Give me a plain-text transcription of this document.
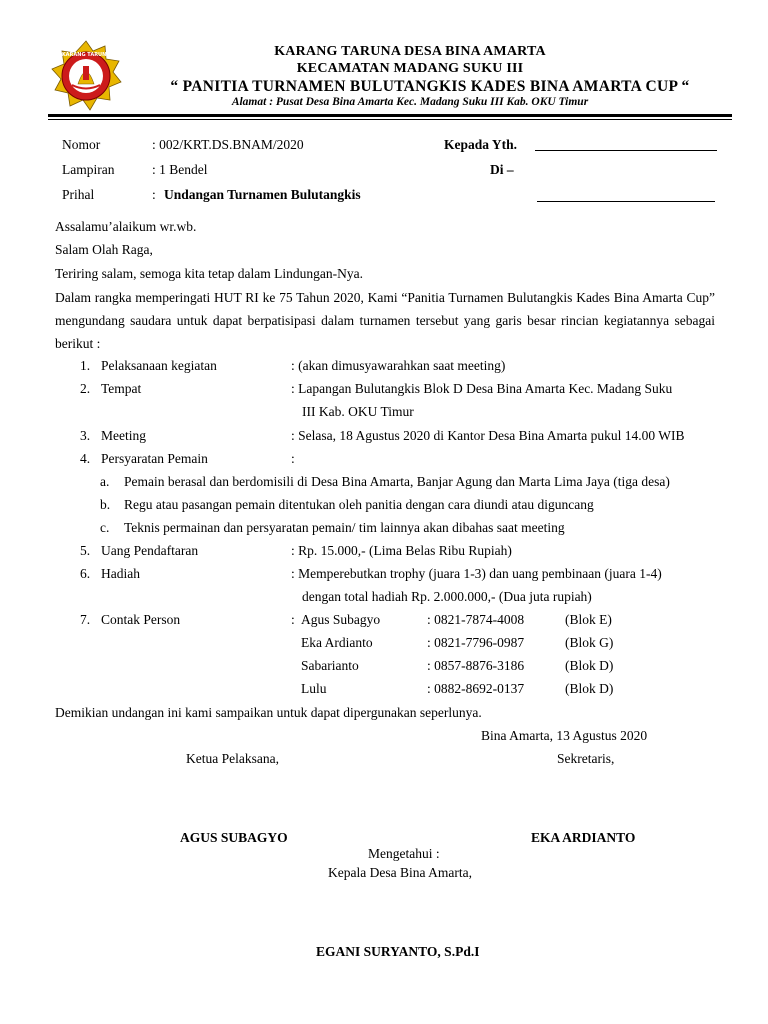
KARANG TARUNA	KARANG TARUNA DESA BINA AMARTA
KECAMATAN MADANG SUKU III
“ PANITIA TURNAMEN BULUTANGKIS KADES BINA AMARTA CUP “
Alamat : Pusat Desa Bina Amarta Kec. Madang Suku III Kab. OKU Timur
Nomor	: 002/KRT.DS.BNAM/2020
Lampiran	: 1 Bendel
Prihal	: Undangan Turnamen Bulutangkis
Kepada Yth.
Di –
Assalamu’alaikum wr.wb.
Salam Olah Raga,
Teriring salam, semoga kita tetap dalam Lindungan-Nya.
Dalam rangka memperingati HUT RI ke 75 Tahun 2020, Kami “Panitia Turnamen Bulutangkis Kades Bina Amarta Cup” mengundang saudara untuk dapat berpatisipasi dalam turnamen tersebut yang garis besar rincian kegiatannya sebagai berikut :
1. Pelaksanaan kegiatan	: (akan dimusyawarahkan saat meeting)
2. Tempat	: Lapangan Bulutangkis Blok D Desa Bina Amarta Kec. Madang Suku
III Kab. OKU Timur
3. Meeting	: Selasa, 18 Agustus 2020 di Kantor Desa Bina Amarta pukul 14.00 WIB
4. Persyaratan Pemain	:
a. Pemain berasal dan berdomisili di Desa Bina Amarta, Banjar Agung dan Marta Lima Jaya (tiga desa)
b. Regu atau pasangan pemain ditentukan oleh panitia dengan cara diundi atau diguncang
c. Teknis permainan dan persyaratan pemain/ tim lainnya akan dibahas saat meeting
5. Uang Pendaftaran	: Rp. 15.000,- (Lima Belas Ribu Rupiah)
6. Hadiah	: Memperebutkan trophy (juara 1-3) dan uang pembinaan (juara 1-4)
dengan total hadiah Rp. 2.000.000,- (Dua juta rupiah)
7. Contak Person	: Agus Subagyo	: 0821-7874-4008	(Blok E)
Eka Ardianto	: 0821-7796-0987	(Blok G)
Sabarianto	: 0857-8876-3186	(Blok D)
Lulu	: 0882-8692-0137	(Blok D)
Demikian undangan ini kami sampaikan untuk dapat dipergunakan seperlunya.
Bina Amarta, 13 Agustus 2020
Ketua Pelaksana,	Sekretaris,
AGUS SUBAGYO	EKA ARDIANTO
Mengetahui :
Kepala Desa Bina Amarta,
EGANI SURYANTO, S.Pd.I
